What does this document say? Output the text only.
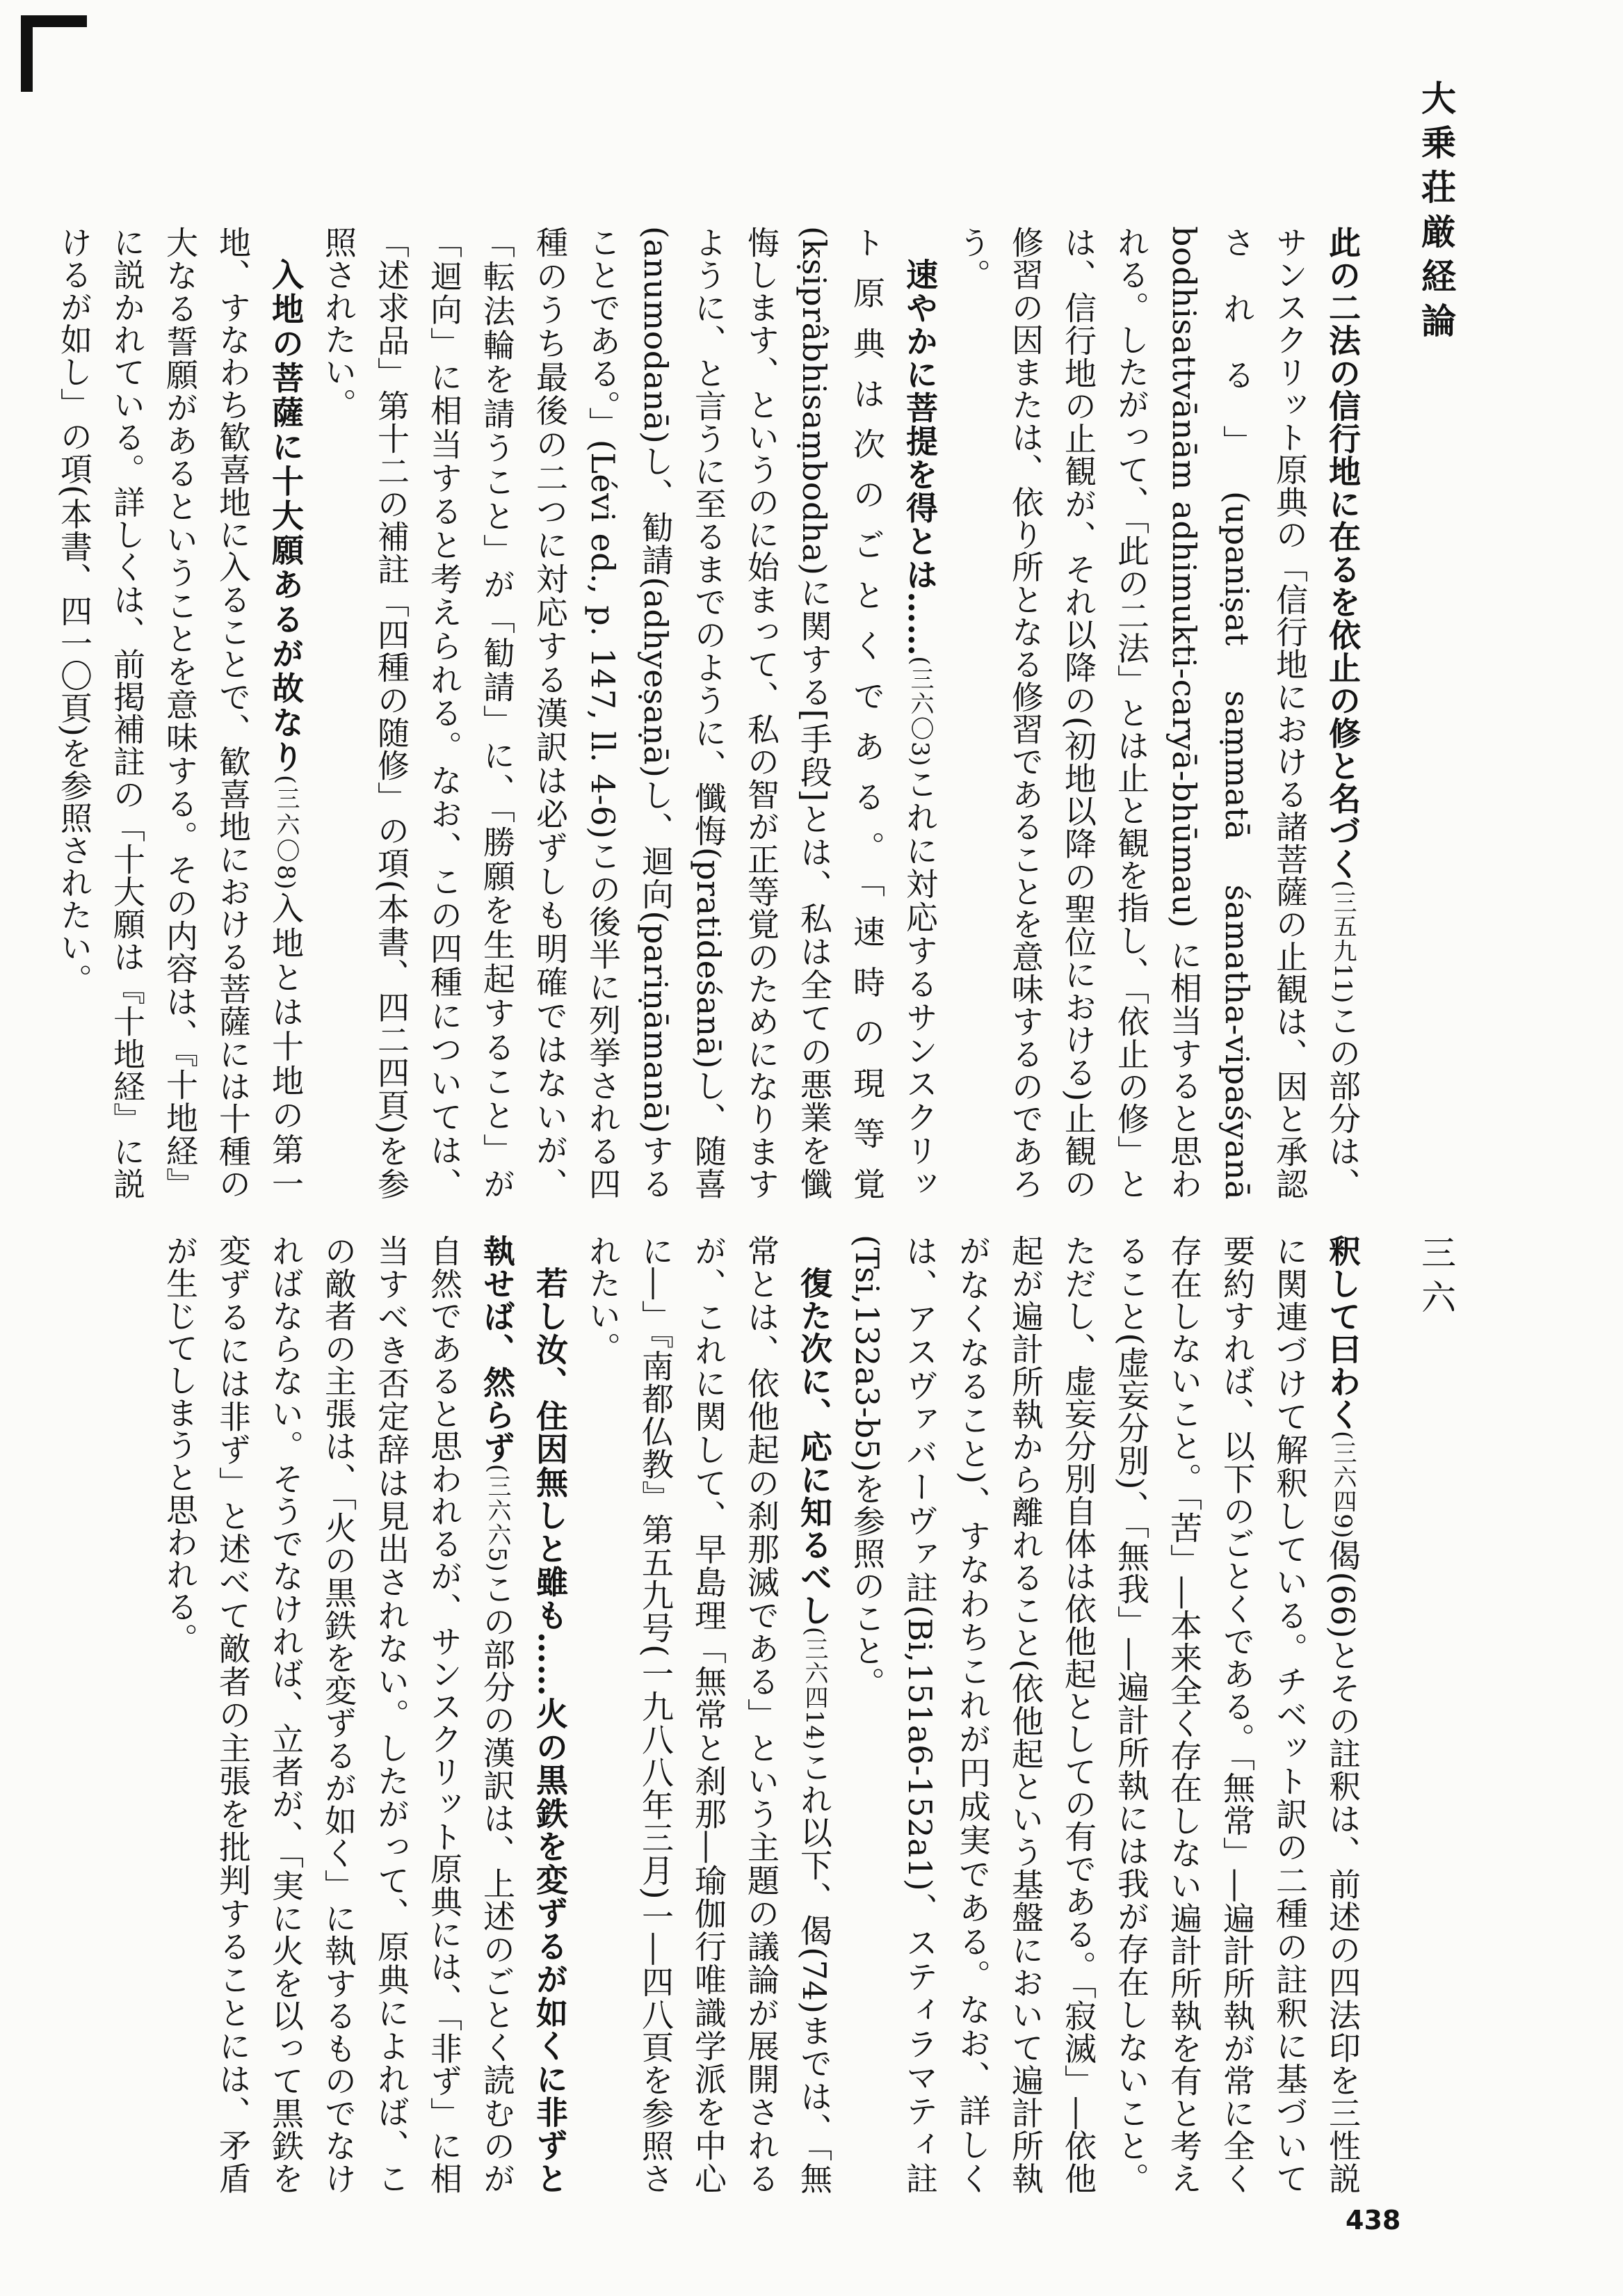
大乗荘厳経論
三六
438

此の二法の信行地に在るを依止の修と名づく(三五九11)この部分は、サンスクリット原典の「信行地における諸菩薩の止観は、因と承認される」(upaniṣat saṃmatā śamatha-vipaśyanā bodhisattvānām adhimukti-caryā-bhūmau) に相当すると思われる。したがって、「此の二法」とは止と観を指し、「依止の修」とは、信行地の止観が、それ以降の(初地以降の聖位における)止観の修習の因または、依り所となる修習であることを意味するのであろう。

速やかに菩提を得とは……(三六〇3)これに対応するサンスクリット原典は次のごとくである。「速時の現等覚(kṣiprâbhisaṃbodha)に関する[手段]とは、私は全ての悪業を懺悔します、というのに始まって、私の智が正等覚のためになりますように、と言うに至るまでのように、懺悔(pratideśanā)し、随喜(anumodanā)し、勧請(adhyeṣaṇā)し、迴向(pariṇāmanā)することである。」(Lévi ed., p. 147, ll. 4-6)この後半に列挙される四種のうち最後の二つに対応する漢訳は必ずしも明確ではないが、「転法輪を請うこと」が「勧請」に、「勝願を生起すること」が「迴向」に相当すると考えられる。なお、この四種については、「述求品」第十二の補註「四種の随修」の項(本書、四二四頁)を参照されたい。

入地の菩薩に十大願あるが故なり(三六〇8)入地とは十地の第一地、すなわち歓喜地に入ることで、歓喜地における菩薩には十種の大なる誓願があるということを意味する。その内容は、『十地経』に説かれている。詳しくは、前掲補註の「十大願は『十地経』に説けるが如し」の項(本書、四一〇頁)を参照されたい。

釈して曰わく(三六四9)偈(66)とその註釈は、前述の四法印を三性説に関連づけて解釈している。チベット訳の二種の註釈に基づいて要約すれば、以下のごとくである。「無常」―遍計所執が常に全く存在しないこと。「苦」―本来全く存在しない遍計所執を有と考えること(虚妄分別)、「無我」―遍計所執には我が存在しないこと。ただし、虚妄分別自体は依他起としての有である。「寂滅」―依他起が遍計所執から離れること(依他起という基盤において遍計所執がなくなること)、すなわちこれが円成実である。なお、詳しくは、アスヴァバーヴァ註(Bi,151a6-152a1)、スティラマティ註(Tsi,132a3-b5)を参照のこと。

復た次に、応に知るべし(三六四14)これ以下、偈(74)までは、「無常とは、依他起の刹那滅である」という主題の議論が展開されるが、これに関して、早島理「無常と刹那―瑜伽行唯識学派を中心に―」『南都仏教』第五九号(一九八八年三月)一―四八頁を参照されたい。

若し汝、住因無しと雖も……火の黒鉄を変ずるが如くに非ずと執せば、然らず(三六六5)この部分の漢訳は、上述のごとく読むのが自然であると思われるが、サンスクリット原典には、「非ず」に相当すべき否定辞は見出されない。したがって、原典によれば、この敵者の主張は、「火の黒鉄を変ずるが如く」に執するものでなければならない。そうでなければ、立者が、「実に火を以って黒鉄を変ずるには非ず」と述べて敵者の主張を批判することには、矛盾が生じてしまうと思われる。
